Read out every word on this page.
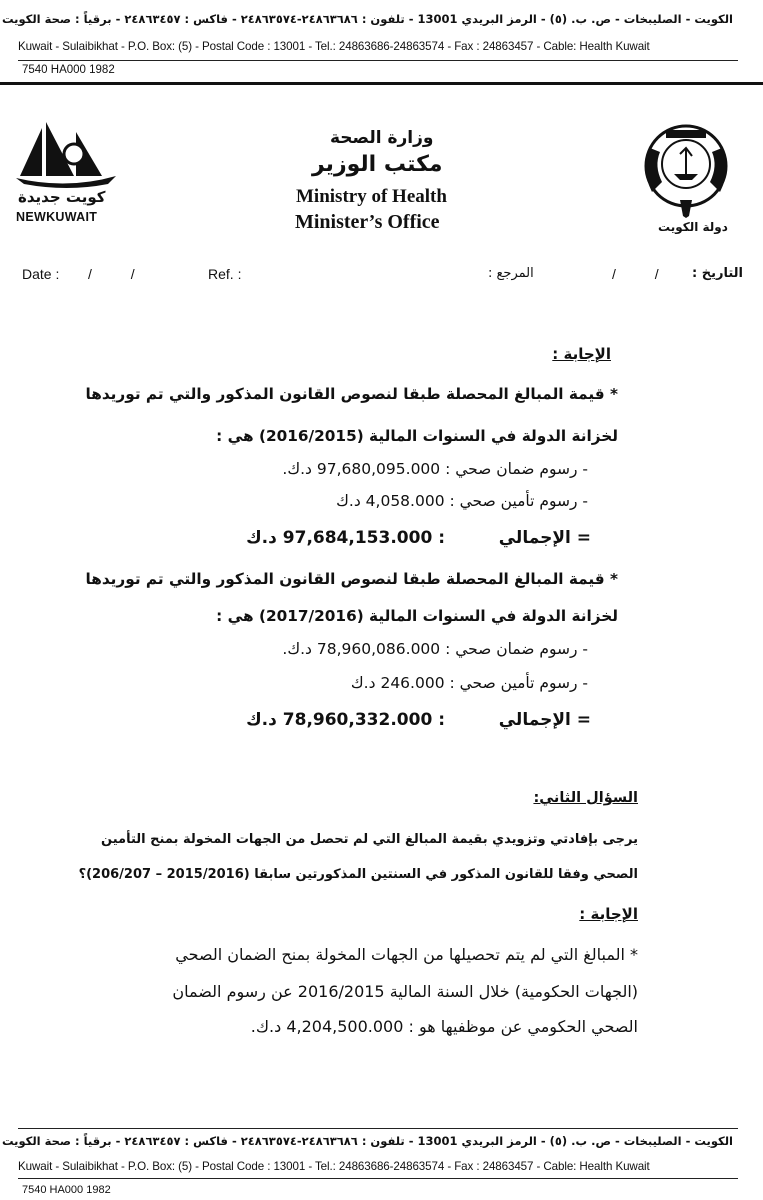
الكويت - الصليبخات - ص. ب. (٥) - الرمز البريدي 13001 - تلفون : ٢٤٨٦٣٦٨٦-٢٤٨٦٣٥٧٤ - فاكس : ٢٤٨٦٣٤٥٧ - برقياً : صحة الكويت
Kuwait - Sulaibikhat - P.O. Box: (5) - Postal Code : 13001 - Tel.: 24863686-24863574 - Fax : 24863457 - Cable: Health Kuwait
7540 HA000 1982
كويت جديدة
NEWKUWAIT
وزارة الصحة
مكتب الوزير
Ministry of Health
Minister’s Office	دولة الكويت
Date : /          /	Ref. :	المرجع :	/          /	التاريخ :
الإجابة :
* قيمة المبالغ المحصلة طبقا لنصوص القانون المذكور والتي تم توريدها
لخزانة الدولة في السنوات المالية (2016/2015) هي :
- رسوم ضمان صحي : 97,680,095.000 د.ك.
- رسوم تأمين صحي : 4,058.000 د.ك
= الإجمالي
: 97,684,153.000 د.ك
* قيمة المبالغ المحصلة طبقا لنصوص القانون المذكور والتي تم توريدها
لخزانة الدولة في السنوات المالية (2017/2016) هي :
- رسوم ضمان صحي : 78,960,086.000 د.ك.
- رسوم تأمين صحي : 246.000 د.ك
= الإجمالي
: 78,960,332.000 د.ك
السؤال الثاني:
يرجى بإفادتي وتزويدي بقيمة المبالغ التي لم تحصل من الجهات المخولة بمنح التأمين
الصحي وفقا للقانون المذكور في السنتين المذكورتين سابقا (2015/2016 – 206/207)؟
الإجابة :
* المبالغ التي لم يتم تحصيلها من الجهات المخولة بمنح الضمان الصحي
(الجهات الحكومية) خلال السنة المالية 2016/2015 عن رسوم الضمان
الصحي الحكومي عن موظفيها هو : 4,204,500.000 د.ك.
الكويت - الصليبخات - ص. ب. (٥) - الرمز البريدي 13001 - تلفون : ٢٤٨٦٣٦٨٦-٢٤٨٦٣٥٧٤ - فاكس : ٢٤٨٦٣٤٥٧ - برقياً : صحة الكويت
Kuwait - Sulaibikhat - P.O. Box: (5) - Postal Code : 13001 - Tel.: 24863686-24863574 - Fax : 24863457 - Cable: Health Kuwait
7540 HA000 1982
